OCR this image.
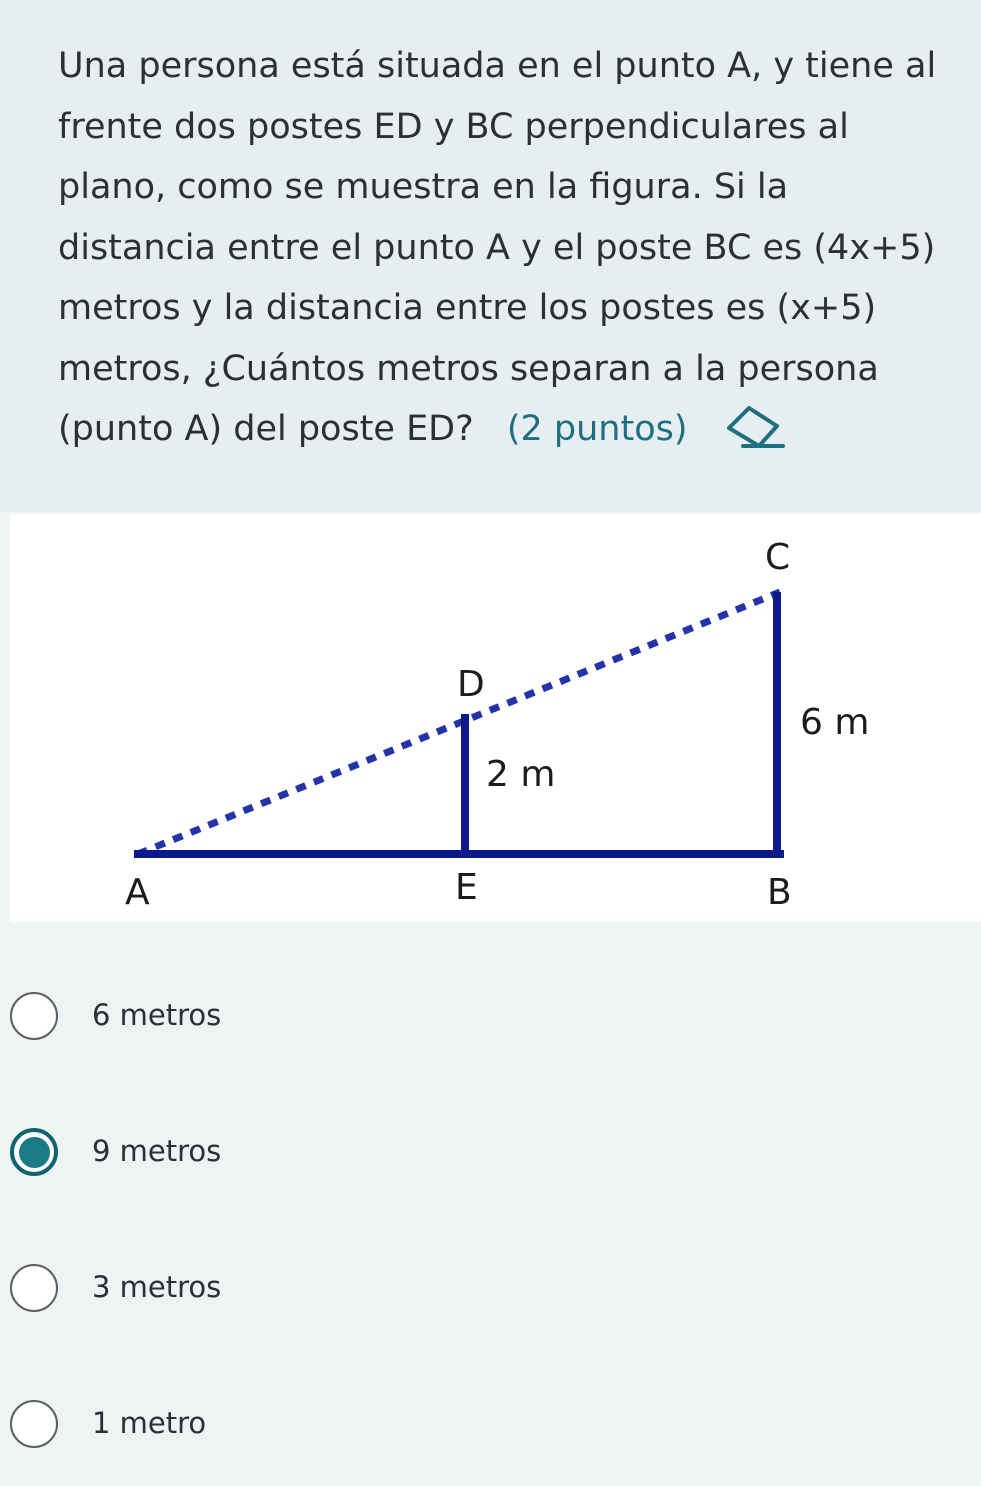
Una persona está situada en el punto A, y tiene al
frente dos postes ED y BC perpendiculares al
plano, como se muestra en la figura. Si la
distancia entre el punto A y el poste BC es (4x+5)
metros y la distancia entre los postes es (x+5)
metros, ¿Cuántos metros separan a la persona
(punto A) del poste ED? (2 puntos)
A	E	B
D
C
2 m
6 m
6 metros
9 metros
3 metros
1 metro
